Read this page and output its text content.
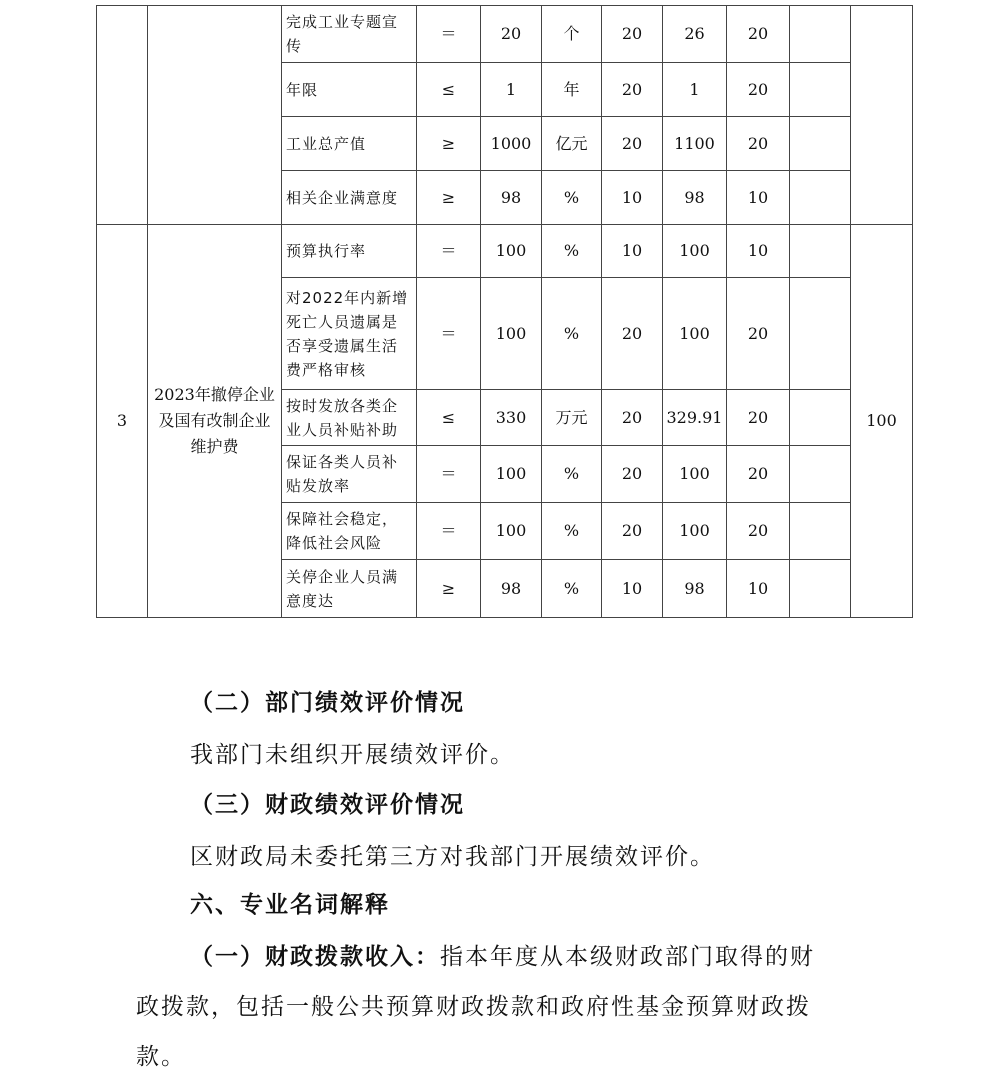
		完成工业专题宣传	＝	20	个	20	26	20		
		年限	≤	1	年	20	1	20		
		工业总产值	≥	1000	亿元	20	1100	20		
		相关企业满意度	≥	98	%	10	98	10		
3	2023年撤停企业及国有改制企业维护费	预算执行率	＝	100	%	10	100	10		100
		对2022年内新增死亡人员遗属是否享受遗属生活费严格审核	＝	100	%	20	100	20		
		按时发放各类企业人员补贴补助	≤	330	万元	20	329.91	20		
		保证各类人员补贴发放率	＝	100	%	20	100	20		
		保障社会稳定，降低社会风险	＝	100	%	20	100	20		
		关停企业人员满意度达	≥	98	%	10	98	10		
（二）部门绩效评价情况
我部门未组织开展绩效评价。
（三）财政绩效评价情况
区财政局未委托第三方对我部门开展绩效评价。
六、专业名词解释
（一）财政拨款收入：指本年度从本级财政部门取得的财
政拨款，包括一般公共预算财政拨款和政府性基金预算财政拨
款。
